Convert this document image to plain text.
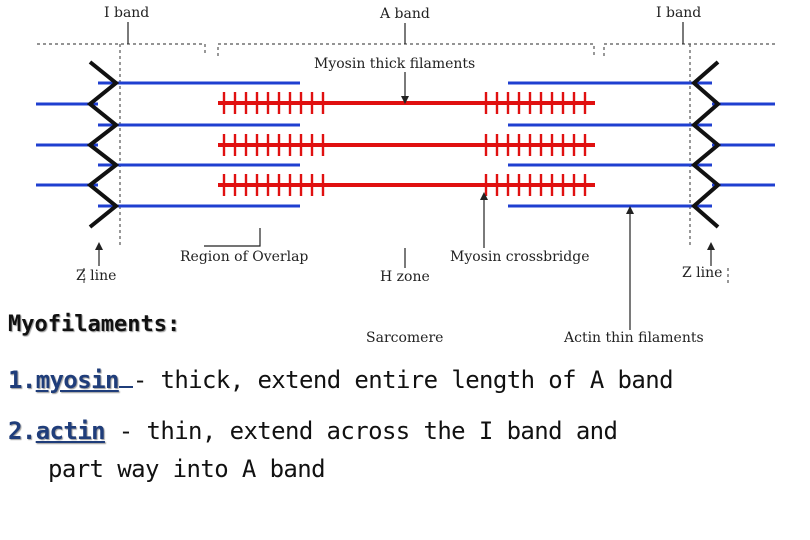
I band	A band	I band
Myosin thick filaments
Region of Overlap	Myosin crossbridge
Z line	Z line
H zone
Sarcomere	Actin thin filaments
Myofilaments:
1.myosin - thick, extend entire length of A band
2.actin - thin, extend across the I band and
part way into A band
